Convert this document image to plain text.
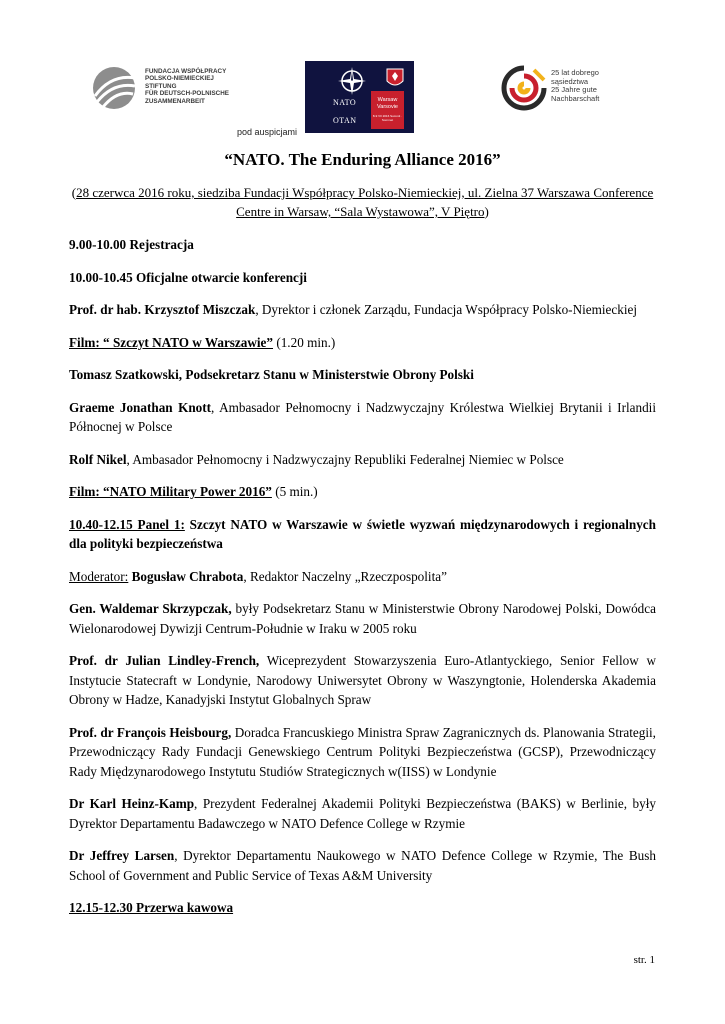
FUNDACJA WSPÓŁPRACY
POLSKO-NIEMIECKIEJ
STIFTUNG
FÜR DEUTSCH-POLNISCHE
ZUSAMMENARBEIT
pod auspicjami
NATO
OTAN
Warsaw
Varsovie
8-9 VII 2016 Summit · Sommet
25 lat dobrego
sąsiedztwa
25 Jahre gute
Nachbarschaft
“NATO. The Enduring Alliance 2016”
(28 czerwca 2016 roku, siedziba Fundacji Współpracy Polsko-Niemieckiej, ul. Zielna 37 Warszawa Conference Centre in Warsaw, “Sala Wystawowa”, V Piętro)

9.00-10.00 Rejestracja

10.00-10.45 Oficjalne otwarcie konferencji

Prof. dr hab. Krzysztof Miszczak, Dyrektor i członek Zarządu, Fundacja Współpracy Polsko-Niemieckiej

Film: “ Szczyt NATO w Warszawie” (1.20 min.)

Tomasz Szatkowski, Podsekretarz Stanu w Ministerstwie Obrony Polski

Graeme Jonathan Knott, Ambasador Pełnomocny i Nadzwyczajny Królestwa Wielkiej Brytanii i Irlandii Północnej w Polsce

Rolf Nikel, Ambasador Pełnomocny i Nadzwyczajny Republiki Federalnej Niemiec w Polsce

Film: “NATO Military Power 2016” (5 min.)

10.40-12.15 Panel 1: Szczyt NATO w Warszawie w świetle wyzwań międzynarodowych i regionalnych dla polityki bezpieczeństwa

Moderator: Bogusław Chrabota, Redaktor Naczelny „Rzeczpospolita”

Gen. Waldemar Skrzypczak, były Podsekretarz Stanu w Ministerstwie Obrony Narodowej Polski, Dowódca Wielonarodowej Dywizji Centrum-Południe w Iraku w 2005 roku

Prof. dr Julian Lindley-French, Wiceprezydent Stowarzyszenia Euro-Atlantyckiego, Senior Fellow w Instytucie Statecraft w Londynie, Narodowy Uniwersytet Obrony w Waszyngtonie, Holenderska Akademia Obrony w Hadze, Kanadyjski Instytut Globalnych Spraw

Prof. dr François Heisbourg, Doradca Francuskiego Ministra Spraw Zagranicznych ds. Planowania Strategii, Przewodniczący Rady Fundacji Genewskiego Centrum Polityki Bezpieczeństwa (GCSP), Przewodniczący Rady Międzynarodowego Instytutu Studiów Strategicznych w(IISS) w Londynie

Dr Karl Heinz-Kamp, Prezydent Federalnej Akademii Polityki Bezpieczeństwa (BAKS) w Berlinie, były Dyrektor Departamentu Badawczego w NATO Defence College w Rzymie

Dr Jeffrey Larsen, Dyrektor Departamentu Naukowego w NATO Defence College w Rzymie, The Bush School of Government and Public Service of Texas A&M University

12.15-12.30 Przerwa kawowa

str. 1
